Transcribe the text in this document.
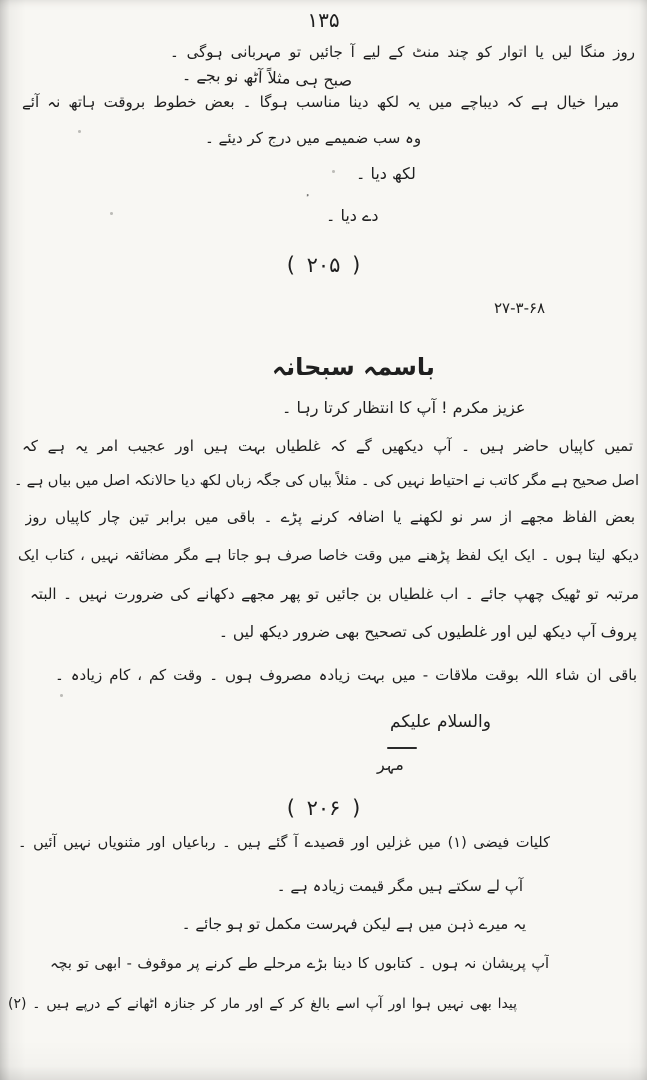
۱۳۵
روز منگا لیں یا اتوار کو چند منٹ کے لیے آ جائیں تو مہربانی ہوگی ۔
صبح ہی مثلاً آٹھ نو بجے ۔
میرا خیال ہے کہ دیباچے میں یہ لکھ دینا مناسب ہوگا ۔ بعض خطوط بروقت ہاتھ نہ آئے
وہ سب ضمیمے میں درج کر دیئے ۔
لکھ دیا ۔
دے دیا ۔
( ۲۰۵ )
۲۷-۳-۶۸
باسمہ سبحانہ
عزیز مکرم ! آپ کا انتظار کرتا رہا ۔
تمیں کاپیاں حاضر ہیں ۔ آپ دیکھیں گے کہ غلطیاں بہت ہیں اور عجیب امر یہ ہے کہ
اصل صحیح ہے مگر کاتب نے احتیاط نہیں کی ۔ مثلاً بیاں کی جگہ زباں لکھ دیا حالانکہ اصل میں بیاں ہے ۔
بعض الفاظ مجھے از سر نو لکھنے یا اضافہ کرنے پڑے ۔ باقی میں برابر تین چار کاپیاں روز
دیکھ لیتا ہوں ۔ ایک ایک لفظ پڑھنے میں وقت خاصا صرف ہو جاتا ہے مگر مضائقہ نہیں ، کتاب ایک
مرتبہ تو ٹھیک چھپ جائے ۔ اب غلطیاں بن جائیں تو پھر مجھے دکھانے کی ضرورت نہیں ۔ البتہ
پروف آپ دیکھ لیں اور غلطیوں کی تصحیح بھی ضرور دیکھ لیں ۔
باقی ان شاء اللہ بوقت ملاقات - میں بہت زیادہ مصروف ہوں ۔ وقت کم ، کام زیادہ ۔
والسلام علیکم
مہر
( ۲۰۶ )
کلیات فیضی (۱) میں غزلیں اور قصیدے آ گئے ہیں ۔ رباعیاں اور مثنویاں نہیں آئیں ۔
آپ لے سکتے ہیں مگر قیمت زیادہ ہے ۔
یہ میرے ذہن میں ہے لیکن فہرست مکمل تو ہو جائے ۔
آپ پریشان نہ ہوں ۔ کتابوں کا دینا بڑے مرحلے طے کرنے پر موقوف - ابھی تو بچہ
پیدا بھی نہیں ہوا اور آپ اسے بالغ کر کے اور مار کر جنازہ اٹھانے کے درپے ہیں ۔ (۲)
